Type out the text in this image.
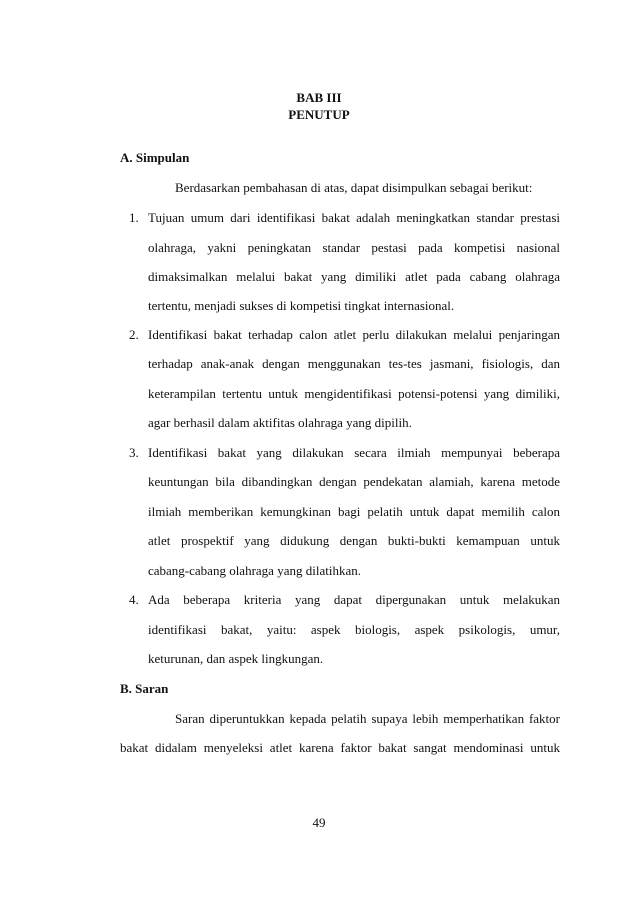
BAB III
PENUTUP
A. Simpulan
Berdasarkan pembahasan di atas, dapat disimpulkan sebagai berikut:
1. Tujuan umum dari identifikasi bakat adalah meningkatkan standar prestasi
olahraga, yakni peningkatan standar pestasi pada kompetisi nasional
dimaksimalkan melalui bakat yang dimiliki atlet pada cabang olahraga
tertentu, menjadi sukses di kompetisi tingkat internasional.
2. Identifikasi bakat terhadap calon atlet perlu dilakukan melalui penjaringan
terhadap anak-anak dengan menggunakan tes-tes jasmani, fisiologis, dan
keterampilan tertentu untuk mengidentifikasi potensi-potensi yang dimiliki,
agar berhasil dalam aktifitas olahraga yang dipilih.
3. Identifikasi bakat yang dilakukan secara ilmiah mempunyai beberapa
keuntungan bila dibandingkan dengan pendekatan alamiah, karena metode
ilmiah memberikan kemungkinan bagi pelatih untuk dapat memilih calon
atlet prospektif yang didukung dengan bukti-bukti kemampuan untuk
cabang-cabang olahraga yang dilatihkan.
4. Ada beberapa kriteria yang dapat dipergunakan untuk melakukan
identifikasi bakat, yaitu: aspek biologis, aspek psikologis, umur,
keturunan, dan aspek lingkungan.
B. Saran
Saran diperuntukkan kepada pelatih supaya lebih memperhatikan faktor
bakat didalam menyeleksi atlet karena faktor bakat sangat mendominasi untuk
49
